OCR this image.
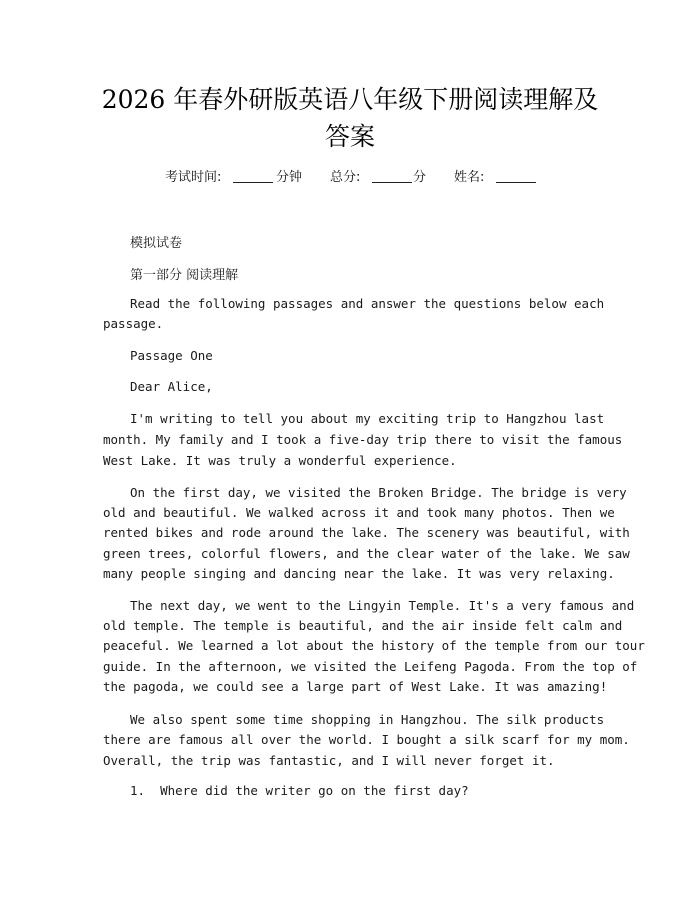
2026 年春外研版英语八年级下册阅读理解及
答案
考试时间:	分钟 总分:	分 姓名:
模拟试卷
第一部分 阅读理解

Read the following passages and answer the questions below each

passage.

Passage One
Dear Alice,

I'm writing to tell you about my exciting trip to Hangzhou last

month. My family and I took a five-day trip there to visit the famous

West Lake. It was truly a wonderful experience.

On the first day, we visited the Broken Bridge. The bridge is very

old and beautiful. We walked across it and took many photos. Then we

rented bikes and rode around the lake. The scenery was beautiful, with

green trees, colorful flowers, and the clear water of the lake. We saw

many people singing and dancing near the lake. It was very relaxing.

The next day, we went to the Lingyin Temple. It's a very famous and

old temple. The temple is beautiful, and the air inside felt calm and

peaceful. We learned a lot about the history of the temple from our tour

guide. In the afternoon, we visited the Leifeng Pagoda. From the top of

the pagoda, we could see a large part of West Lake. It was amazing!

We also spent some time shopping in Hangzhou. The silk products

there are famous all over the world. I bought a silk scarf for my mom.

Overall, the trip was fantastic, and I will never forget it.

1.  Where did the writer go on the first day?
